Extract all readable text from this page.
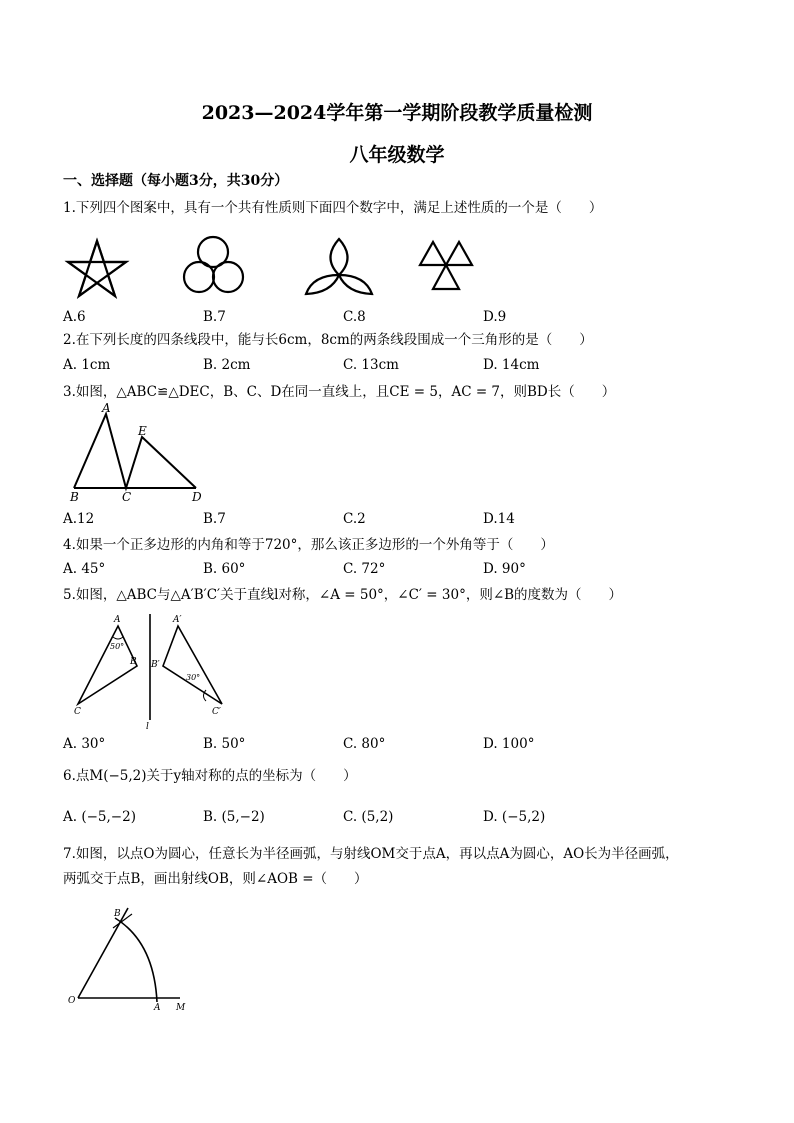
2023—2024学年第一学期阶段教学质量检测
八年级数学
一、选择题（每小题3分，共30分）
1.下列四个图案中，具有一个共有性质则下面四个数字中，满足上述性质的一个是（　　）
A.6	B.7	C.8	D.9
2.在下列长度的四条线段中，能与长6cm，8cm的两条线段围成一个三角形的是（　　）
A. 1cm	B. 2cm	C. 13cm	D. 14cm
3.如图，△ABC≌△DEC，B、C、D在同一直线上，且CE = 5，AC = 7，则BD长（　　）
A
E
B	C	D
A.12	B.7	C.2	D.14
4.如果一个正多边形的内角和等于720°，那么该正多边形的一个外角等于（　　）
A. 45°	B. 60°	C. 72°	D. 90°
5.如图，△ABC与△A′B′C′关于直线l对称，∠A = 50°，∠C′ = 30°，则∠B的度数为（　　）
A
50°
B
C
l
A′
B′
30°
C′
A. 30°	B. 50°	C. 80°	D. 100°
6.点M(−5,2)关于y轴对称的点的坐标为（　　）
A. (−5,−2)	B. (5,−2)	C. (5,2)	D. (−5,2)
7.如图，以点O为圆心，任意长为半径画弧，与射线OM交于点A，再以点A为圆心，AO长为半径画弧，
两弧交于点B，画出射线OB，则∠AOB =（　　）
B
O
A M
